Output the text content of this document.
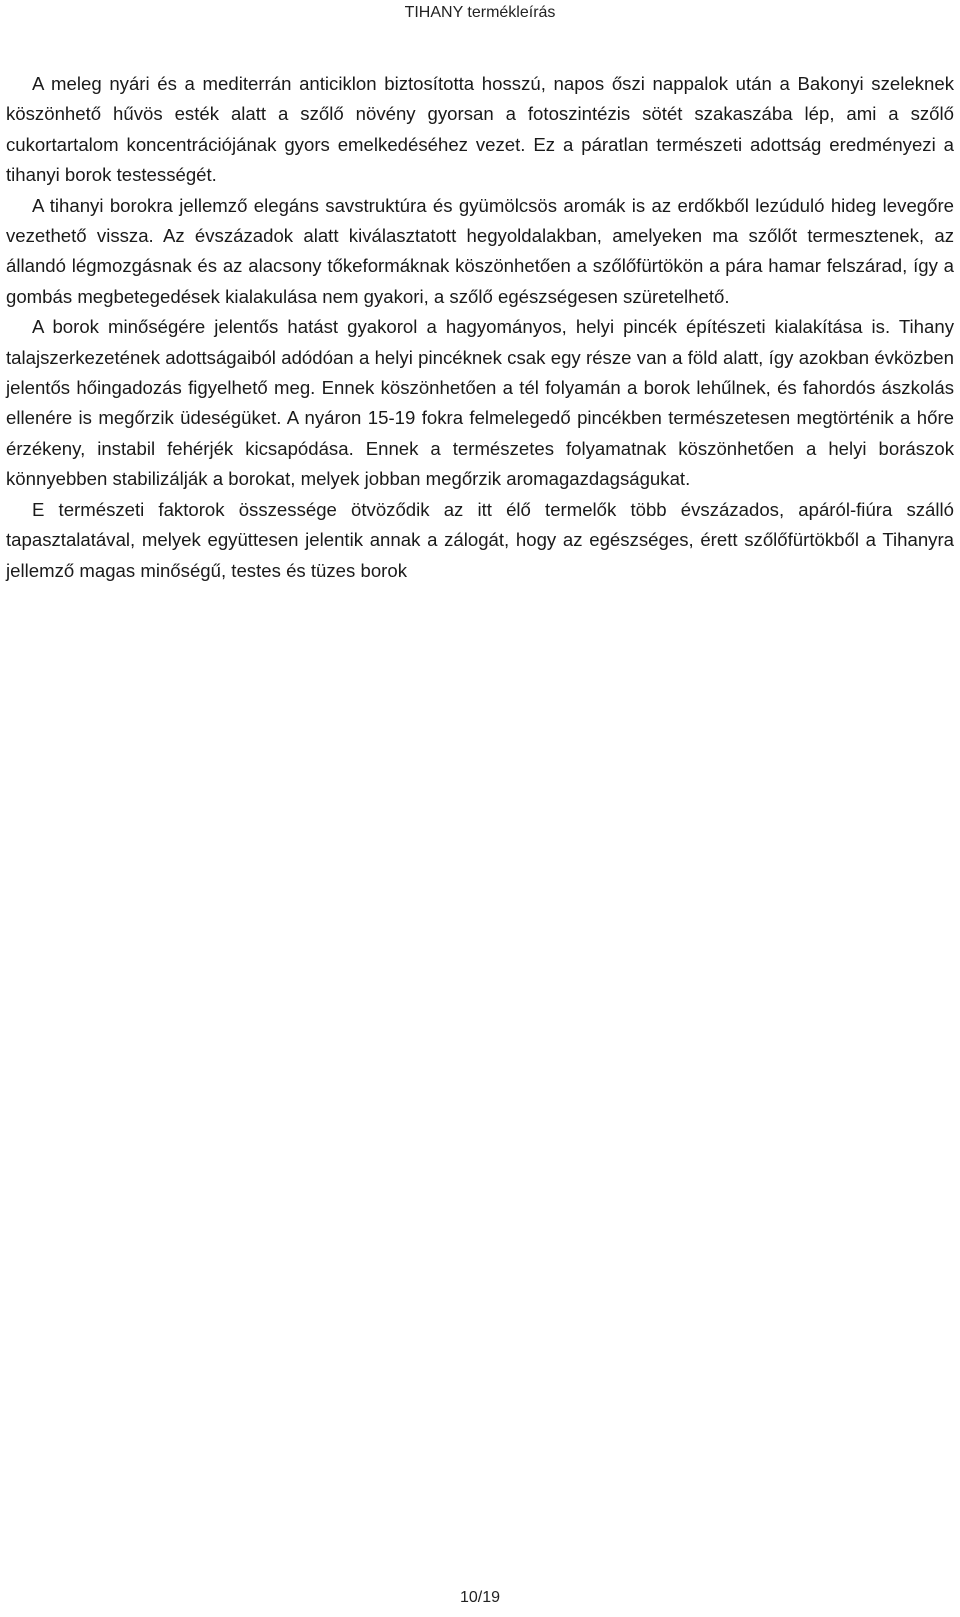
TIHANY termékleírás

A meleg nyári és a mediterrán anticiklon biztosította hosszú, napos őszi nappalok után a Bakonyi szeleknek köszönhető hűvös esték alatt a szőlő növény gyorsan a fotoszintézis sötét szakaszába lép, ami a szőlő cukortartalom koncentrációjának gyors emelkedéséhez vezet. Ez a páratlan természeti adottság eredményezi a tihanyi borok testességét.

A tihanyi borokra jellemző elegáns savstruktúra és gyümölcsös aromák is az erdőkből lezúduló hideg levegőre vezethető vissza. Az évszázadok alatt kiválasztatott hegyoldalakban, amelyeken ma szőlőt termesztenek, az állandó légmozgásnak és az alacsony tőkeformáknak köszönhetően a szőlőfürtökön a pára hamar felszárad, így a gombás megbetegedések kialakulása nem gyakori, a szőlő egészségesen szüretelhető.

A borok minőségére jelentős hatást gyakorol a hagyományos, helyi pincék építészeti kialakítása is. Tihany talajszerkezetének adottságaiból adódóan a helyi pincéknek csak egy része van a föld alatt, így azokban évközben jelentős hőingadozás figyelhető meg. Ennek köszönhetően a tél folyamán a borok lehűlnek, és fahordós ászkolás ellenére is megőrzik üdeségüket. A nyáron 15-19 fokra felmelegedő pincékben természetesen megtörténik a hőre érzékeny, instabil fehérjék kicsapódása. Ennek a természetes folyamatnak köszönhetően a helyi borászok könnyebben stabilizálják a borokat, melyek jobban megőrzik aromagazdagságukat.

E természeti faktorok összessége ötvöződik az itt élő termelők több évszázados, apáról-fiúra szálló tapasztalatával, melyek együttesen jelentik annak a zálogát, hogy az egészséges, érett szőlőfürtökből a Tihanyra jellemző magas minőségű, testes és tüzes borok

10/19
